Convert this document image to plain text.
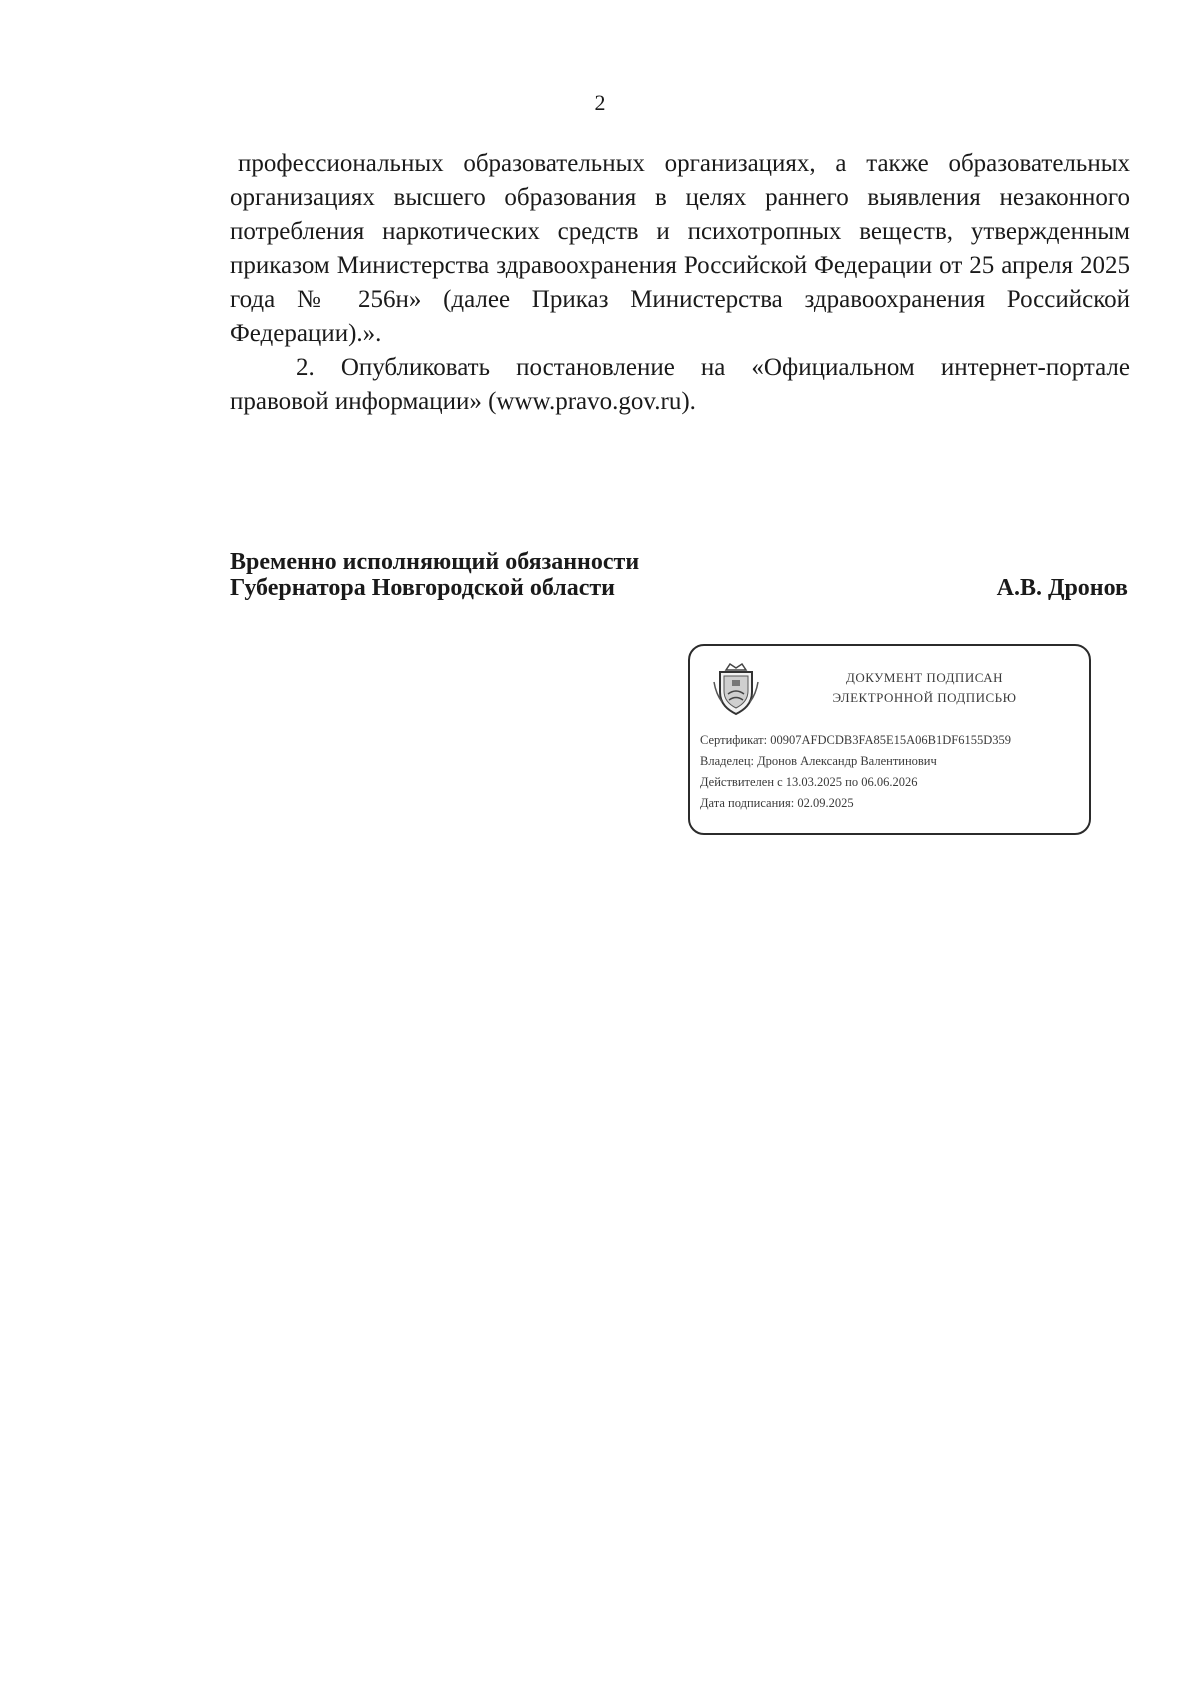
2

профессиональных образовательных организациях, а также образовательных организациях высшего образования в целях раннего выявления незаконного потребления наркотических средств и психотропных веществ, утвержденным приказом Министерства здравоохранения Российской Федерации от 25 апреля 2025 года № 256н» (далее Приказ Министерства здравоохранения Российской Федерации).».

2. Опубликовать постановление на «Официальном интернет-портале правовой информации» (www.pravo.gov.ru).

Временно исполняющий обязанности
Губернатора Новгородской области	А.В. Дронов
ДОКУМЕНТ ПОДПИСАН
ЭЛЕКТРОННОЙ ПОДПИСЬЮ
Сертификат: 00907AFDCDB3FA85E15A06B1DF6155D359
Владелец: Дронов Александр Валентинович
Действителен с 13.03.2025 по 06.06.2026
Дата подписания: 02.09.2025
